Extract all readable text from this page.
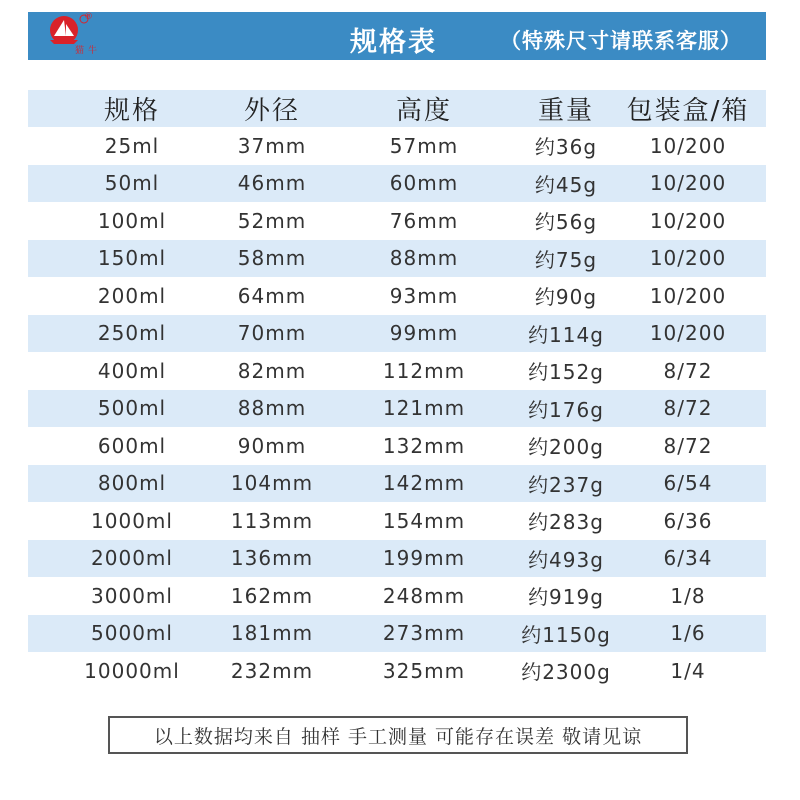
猫牛
®
规格表	（特殊尺寸请联系客服）
规格	外径	高度	重量	包装盒/箱
25ml	37mm	57mm	约36g	10/200
50ml	46mm	60mm	约45g	10/200
100ml	52mm	76mm	约56g	10/200
150ml	58mm	88mm	约75g	10/200
200ml	64mm	93mm	约90g	10/200
250ml	70mm	99mm	约114g	10/200
400ml	82mm	112mm	约152g	8/72
500ml	88mm	121mm	约176g	8/72
600ml	90mm	132mm	约200g	8/72
800ml	104mm	142mm	约237g	6/54
1000ml	113mm	154mm	约283g	6/36
2000ml	136mm	199mm	约493g	6/34
3000ml	162mm	248mm	约919g	1/8
5000ml	181mm	273mm	约1150g	1/6
10000ml	232mm	325mm	约2300g	1/4
以上数据均来自 抽样 手工测量 可能存在误差 敬请见谅
